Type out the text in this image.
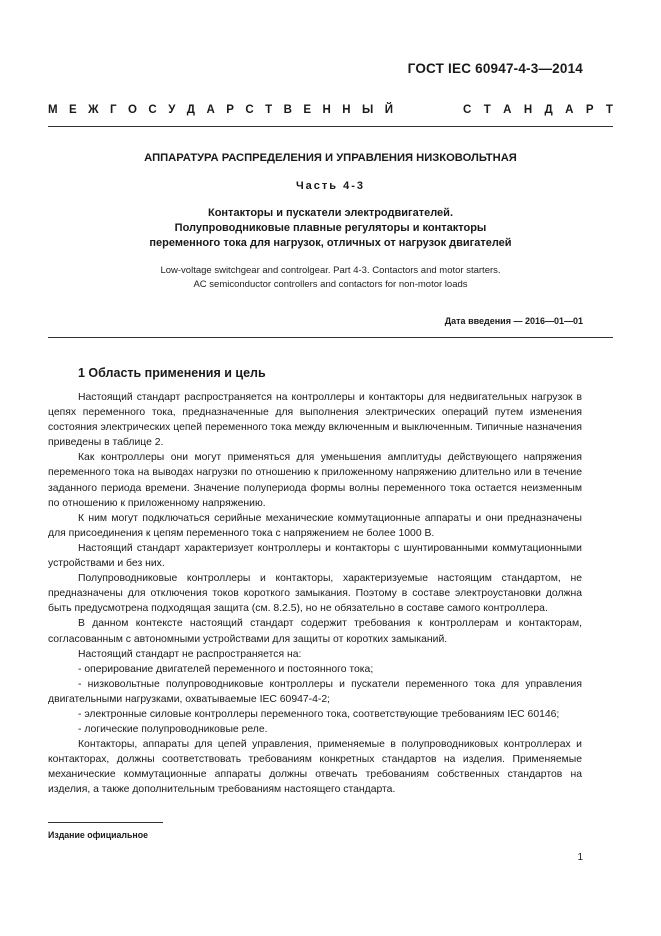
ГОСТ IEC 60947-4-3—2014
М Е Ж Г О С У Д А Р С Т В Е Н Н Ы Й	С Т А Н Д А Р Т
АППАРАТУРА РАСПРЕДЕЛЕНИЯ И УПРАВЛЕНИЯ НИЗКОВОЛЬТНАЯ
Часть 4-3
Контакторы и пускатели электродвигателей.
Полупроводниковые плавные регуляторы и контакторы
переменного тока для нагрузок, отличных от нагрузок двигателей
Low-voltage switchgear and controlgear. Part 4-3. Contactors and motor starters.
AC semiconductor controllers and contactors for non-motor loads
Дата введения — 2016—01—01
1 Область применения и цель

Настоящий стандарт распространяется на контроллеры и контакторы для недвигательных нагрузок в цепях переменного тока, предназначенные для выполнения электрических операций путем изменения состояния электрических цепей переменного тока между включенным и выключенным. Типичные назначения приведены в таблице 2.

Как контроллеры они могут применяться для уменьшения амплитуды действующего напряжения переменного тока на выводах нагрузки по отношению к приложенному напряжению длительно или в течение заданного периода времени. Значение полупериода формы волны переменного тока остается неизменным по отношению к приложенному напряжению.

К ним могут подключаться серийные механические коммутационные аппараты и они предназначены для присоединения к цепям переменного тока с напряжением не более 1000 В.

Настоящий стандарт характеризует контроллеры и контакторы с шунтированными коммутационными устройствами и без них.

Полупроводниковые контроллеры и контакторы, характеризуемые настоящим стандартом, не предназначены для отключения токов короткого замыкания. Поэтому в составе электроустановки должна быть предусмотрена подходящая защита (см. 8.2.5), но не обязательно в составе самого контроллера.

В данном контексте настоящий стандарт содержит требования к контроллерам и контакторам, согласованным с автономными устройствами для защиты от коротких замыканий.

Настоящий стандарт не распространяется на:

- оперирование двигателей переменного и постоянного тока;

- низковольтные полупроводниковые контроллеры и пускатели переменного тока для управления двигательными нагрузками, охватываемые IEC 60947-4-2;

- электронные силовые контроллеры переменного тока, соответствующие требованиям IEC 60146;

- логические полупроводниковые реле.

Контакторы, аппараты для цепей управления, применяемые в полупроводниковых контроллерах и контакторах, должны соответствовать требованиям конкретных стандартов на изделия. Применяемые механические коммутационные аппараты должны отвечать требованиям собственных стандартов на изделия, а также дополнительным требованиям настоящего стандарта.

Издание официальное
1
